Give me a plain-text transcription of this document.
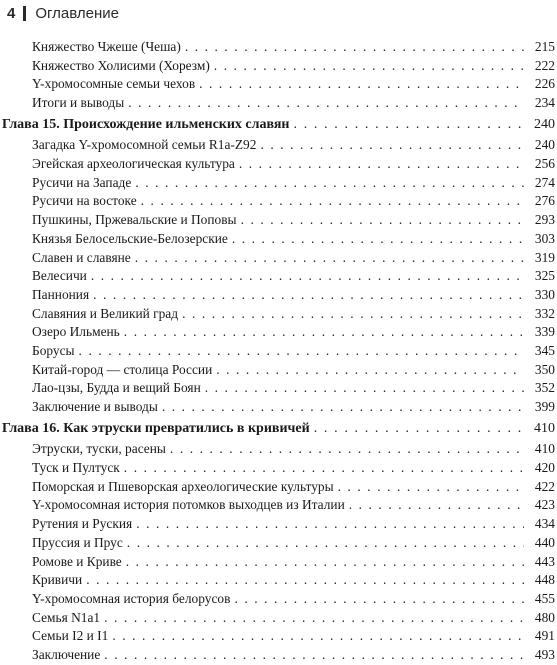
4 Оглавление
Княжество Чжеше (Чеша) . . .	215
Княжество Холисими (Хорезм) . . .	222
Y-хромосомные семьи чехов . . .	226
Итоги и выводы . . .	234
Глава 15. Происхождение ильменских славян . . .	240
Загадка Y-хромосомной семьи R1a-Z92 . . .	240
Эгейская археологическая культура . . .	256
Русичи на Западе . . .	274
Русичи на востоке . . .	276
Пушкины, Пржевальские и Поповы . . .	293
Князья Белосельские-Белозерские . . .	303
Славен и славяне . . .	319
Велесичи . . .	325
Паннония . . .	330
Славяния и Великий град . . .	332
Озеро Ильмень . . .	339
Борусы . . .	345
Китай-город — столица России . . .	350
Лао-цзы, Будда и вещий Боян . . .	352
Заключение и выводы . . .	399
Глава 16. Как этруски превратились в кривичей . . .	410
Этруски, туски, расены . . .	410
Туск и Пултуск . . .	420
Поморская и Пшеворская археологические культуры . . .	422
Y-хромосомная история потомков выходцев из Италии . . .	423
Рутения и Руския . . .	434
Пруссия и Прус . . .	440
Ромове и Криве . . .	443
Кривичи . . .	448
Y-хромосомная история белорусов . . .	455
Семья N1a1 . . .	480
Семьи I2 и I1 . . .	491
Заключение . . .	493
